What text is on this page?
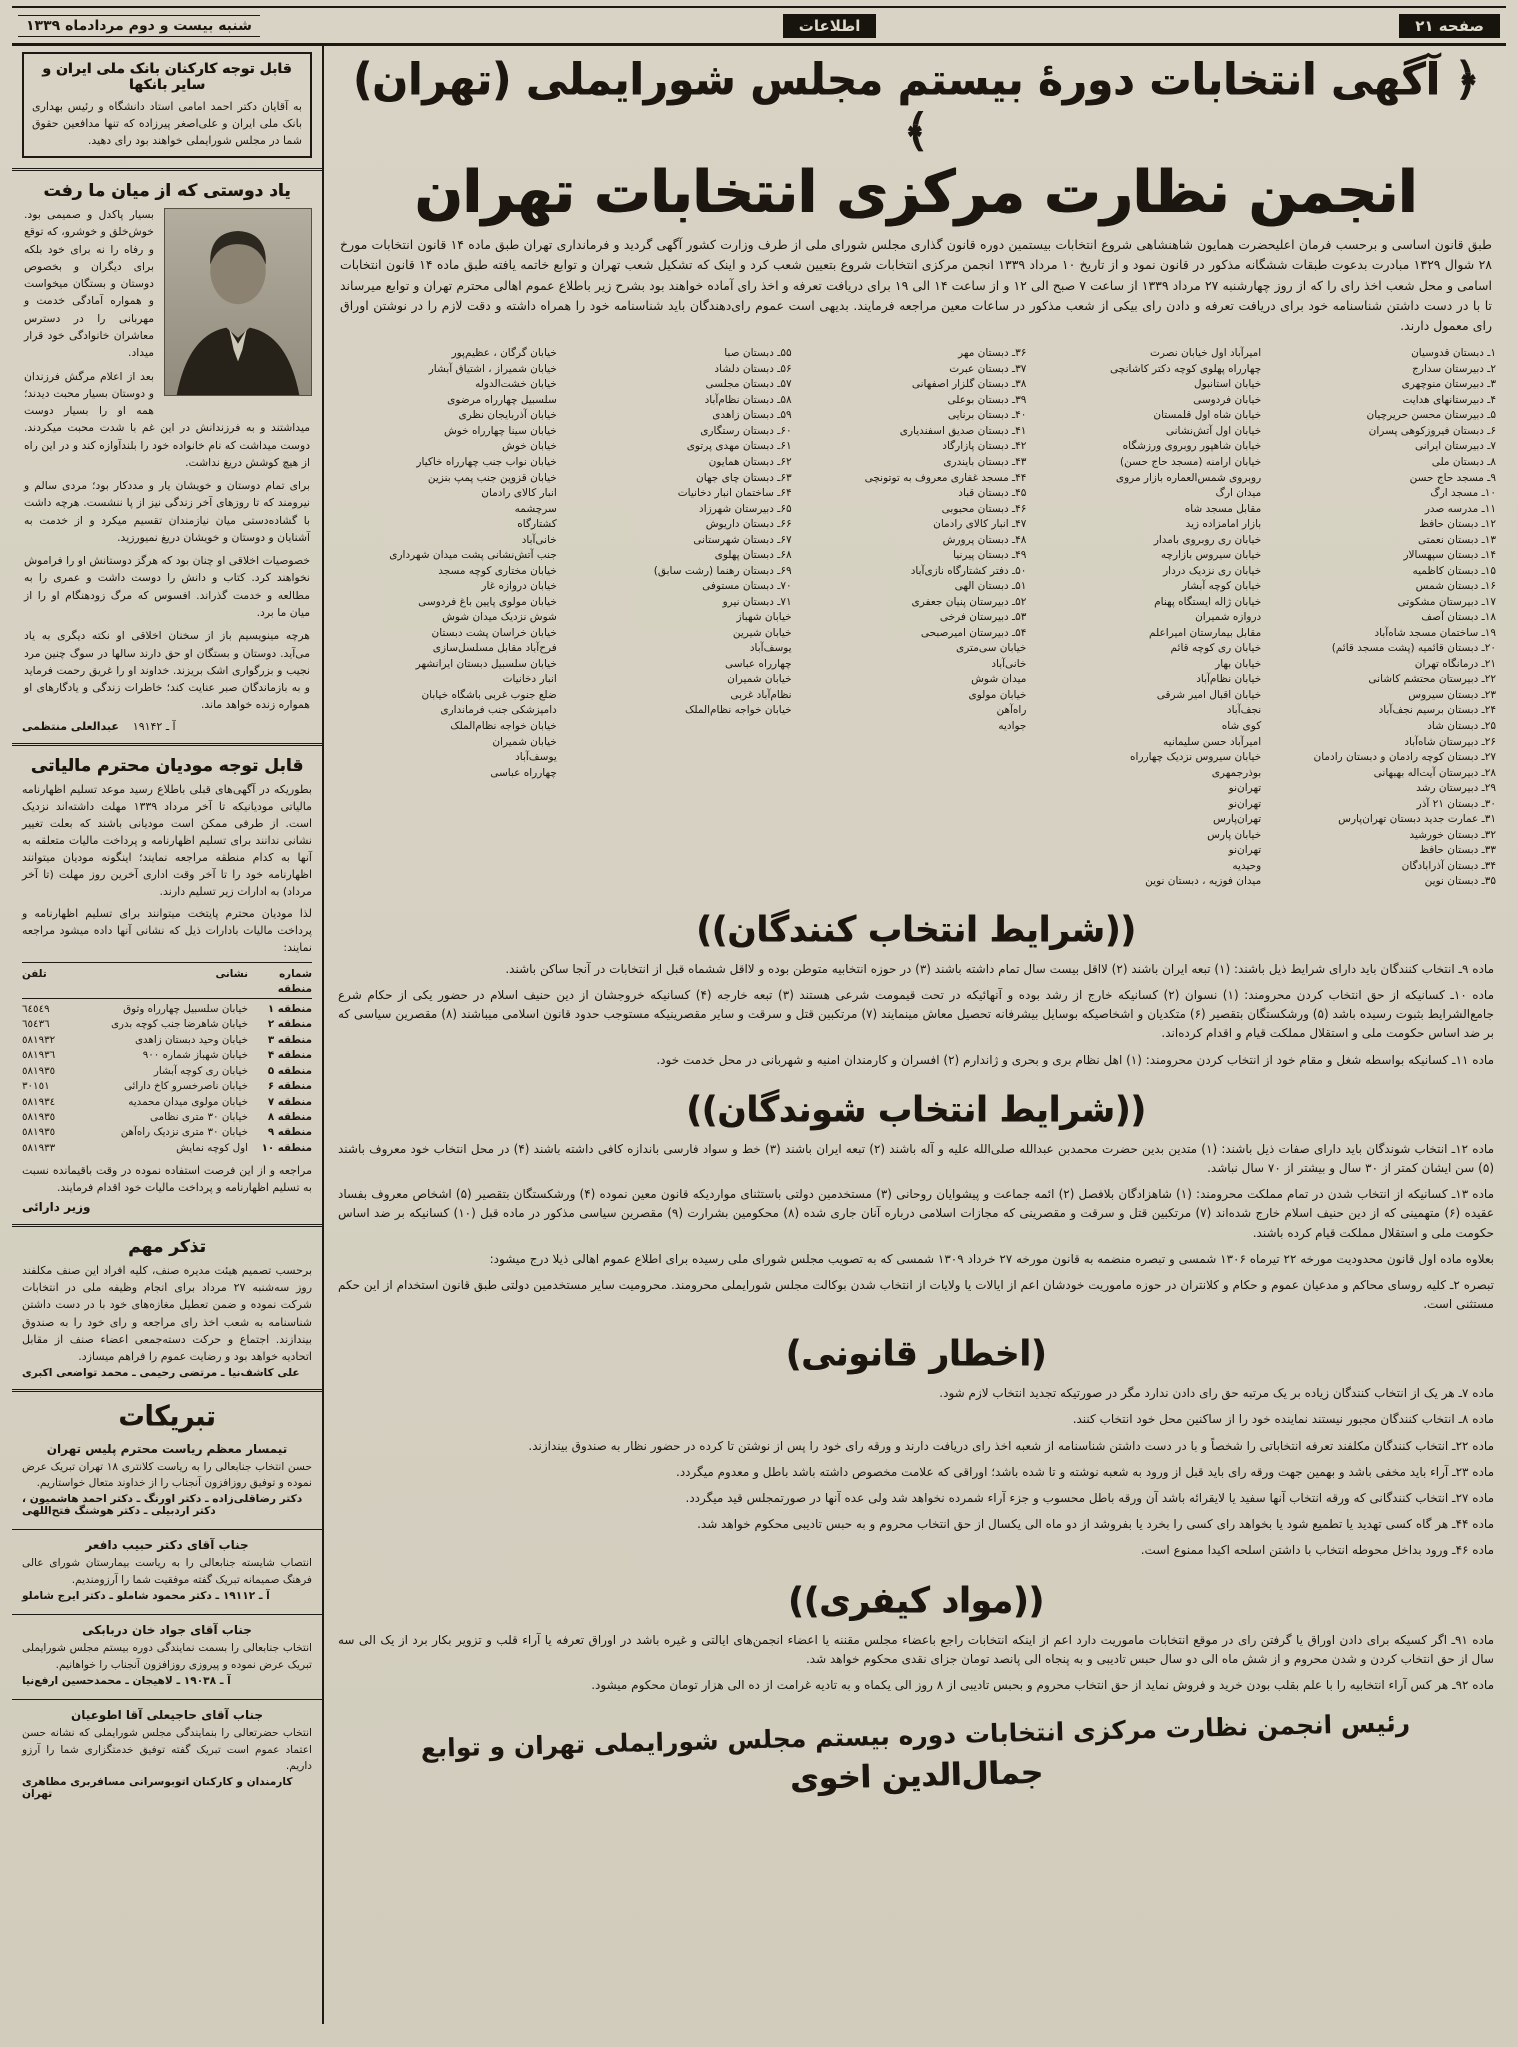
صفحه ۲۱
اطلاعات
شنبه بیست و دوم مردادماه ۱۳۳۹
﴿ آگهی انتخابات دورهٔ بیستم مجلس شورایملی (تهران) ﴾
انجمن نظارت مرکزی انتخابات تهران

طبق قانون اساسی و برحسب فرمان اعلیحضرت همایون شاهنشاهی شروع انتخابات بیستمین دوره قانون گذاری مجلس شورای ملی از طرف وزارت کشور آگهی گردید و فرمانداری تهران طبق ماده ۱۴ قانون انتخابات مورخ ۲۸ شوال ۱۳۲۹ مبادرت بدعوت طبقات ششگانه مذکور در قانون نمود و از تاریخ ۱۰ مرداد ۱۳۳۹ انجمن مرکزی انتخابات شروع بتعیین شعب کرد و اینک که تشکیل شعب تهران و توابع خاتمه یافته طبق ماده ۱۴ قانون انتخابات اسامی و محل شعب اخذ رای را که از روز چهارشنبه ۲۷ مرداد ۱۳۳۹ از ساعت ۷ صبح الی ۱۲ و از ساعت ۱۴ الی ۱۹ برای دریافت تعرفه و اخذ رای آماده خواهند بود بشرح زیر باطلاع عموم اهالی محترم تهران و توابع میرساند تا با در دست داشتن شناسنامه خود برای دریافت تعرفه و دادن رای بیکی از شعب مذکور در ساعات معین مراجعه فرمایند. بدیهی است عموم رای‌دهندگان باید شناسنامه خود را همراه داشته و دقت لازم را در نوشتن اوراق رای معمول دارند.

۱ـ دبستان قدوسیان
۲ـ دبیرستان سدارج
۳ـ دبیرستان منوچهری
۴ـ دبیرستانهای هدایت
۵ـ دبیرستان محسن حریرچیان
۶ـ دبستان فیروزکوهی پسران
۷ـ دبیرستان ایرانی
۸ـ دبستان ملی
۹ـ مسجد حاج حسن
۱۰ـ مسجد ارگ
۱۱ـ مدرسه صدر
۱۲ـ دبستان حافظ
۱۳ـ دبستان نعمتی
۱۴ـ دبستان سپهسالار
۱۵ـ دبستان کاظمیه
۱۶ـ دبستان شمس
۱۷ـ دبیرستان مشکوتی
۱۸ـ دبستان آصف
۱۹ـ ساختمان مسجد شاه‌آباد
۲۰ـ دبستان قائمیه (پشت مسجد قائم)
۲۱ـ درمانگاه تهران
۲۲ـ دبیرستان محتشم کاشانی
۲۳ـ دبستان سیروس
۲۴ـ دبستان برسیم نجف‌آباد
۲۵ـ دبستان شاد
۲۶ـ دبیرستان شاه‌آباد
۲۷ـ دبستان کوچه رادمان و دبستان رادمان
۲۸ـ دبیرستان آیت‌اله بهبهانی
۲۹ـ دبیرستان رشد
۳۰ـ دبستان ۲۱ آذر
۳۱ـ عمارت جدید دبستان تهران‌پارس
۳۲ـ دبستان خورشید
۳۳ـ دبستان حافظ
۳۴ـ دبستان آذرابادگان
۳۵ـ دبستان نوین
امیرآباد اول خیابان نصرت
چهارراه پهلوی کوچه دکتر کاشانچی
خیابان استانبول
خیابان فردوسی
خیابان شاه اول قلمستان
خیابان اول آتش‌نشانی
خیابان شاهپور روبروی ورزشگاه
خیابان ارامنه (مسجد حاج حسن)
روبروی شمس‌العماره بازار مروی
میدان ارگ
مقابل مسجد شاه
بازار امامزاده زید
خیابان ری روبروی بامدار
خیابان سیروس بازارچه
خیابان ری نزدیک دردار
خیابان کوچه آبشار
خیابان ژاله ایستگاه پهنام
دروازه شمیران
مقابل بیمارستان امیراعلم
خیابان ری کوچه قائم
خیابان بهار
خیابان نظام‌آباد
خیابان اقبال امیر شرقی
نجف‌آباد
کوی شاه
امیرآباد حسن سلیمانیه
خیابان سیروس نزدیک چهارراه
بوذرجمهری
تهران‌نو
تهران‌نو
تهران‌پارس
خیابان پارس
تهران‌نو
وحیدیه
میدان فوزیه ، دبستان نوین
۳۶ـ دبستان مهر
۳۷ـ دبستان عبرت
۳۸ـ دبستان گلزار اصفهانی
۳۹ـ دبستان بوعلی
۴۰ـ دبستان برنایی
۴۱ـ دبستان صدیق اسفندیاری
۴۲ـ دبستان پازارگاد
۴۳ـ دبستان بایندری
۴۴ـ مسجد غفاری معروف به توتونچی
۴۵ـ دبستان قباد
۴۶ـ دبستان محبوبی
۴۷ـ انبار کالای رادمان
۴۸ـ دبستان پرورش
۴۹ـ دبستان پیرنیا
۵۰ـ دفتر کشتارگاه نازی‌آباد
۵۱ـ دبستان الهی
۵۲ـ دبیرستان پنیان جعفری
۵۳ـ دبیرستان فرخی
۵۴ـ دبیرستان امیرصبحی
خیابان سی‌متری
خانی‌آباد
میدان شوش
خیابان مولوی
راه‌آهن
جوادیه
۵۵ـ دبستان صبا
۵۶ـ دبستان دلشاد
۵۷ـ دبستان مجلسی
۵۸ـ دبستان نظام‌آباد
۵۹ـ دبستان زاهدی
۶۰ـ دبستان رستگاری
۶۱ـ دبستان مهدی پرتوی
۶۲ـ دبستان همایون
۶۳ـ دبستان چای جهان
۶۴ـ ساختمان انبار دخانیات
۶۵ـ دبیرستان شهرزاد
۶۶ـ دبستان داریوش
۶۷ـ دبستان شهرستانی
۶۸ـ دبستان پهلوی
۶۹ـ دبستان رهنما (رشت سابق)
۷۰ـ دبستان مستوفی
۷۱ـ دبستان نیرو
خیابان شهباز
خیابان شیرین
یوسف‌آباد
چهارراه عباسی
خیابان شمیران
نظام‌آباد غربی
خیابان خواجه نظام‌الملک
خیابان گرگان ، عظیم‌پور
خیابان شمیراز ، اشتیاق آبشار
خیابان خشت‌الدوله
سلسبیل چهارراه مرضوی
خیابان آذربایجان نظری
خیابان سینا چهارراه خوش
خیابان خوش
خیابان نواب جنب چهارراه خاکیار
خیابان قزوین جنب پمپ بنزین
انبار کالای رادمان
سرچشمه
کشتارگاه
خانی‌آباد
جنب آتش‌نشانی پشت میدان شهرداری
خیابان مختاری کوچه مسجد
خیابان دروازه غار
خیابان مولوی پایین باغ فردوسی
شوش نزدیک میدان شوش
خیابان خراسان پشت دبستان
فرح‌آباد مقابل مسلسل‌سازی
خیابان سلسبیل دبستان ایرانشهر
انبار دخانیات
ضلع جنوب غربی باشگاه خیابان
دامپزشکی جنب فرمانداری
خیابان خواجه نظام‌الملک
خیابان شمیران
یوسف‌آباد
چهارراه عباسی
((شرایط انتخاب کنندگان))
ماده ۹ـ انتخاب کنندگان باید دارای شرایط ذیل باشند: (۱) تبعه ایران باشند (۲) لااقل بیست سال تمام داشته باشند (۳) در حوزه انتخابیه متوطن بوده و لااقل ششماه قبل از انتخابات در آنجا ساکن باشند.
ماده ۱۰ـ کسانیکه از حق انتخاب کردن محرومند: (۱) نسوان (۲) کسانیکه خارج از رشد بوده و آنهائیکه در تحت قیمومت شرعی هستند (۳) تبعه خارجه (۴) کسانیکه خروجشان از دین حنیف اسلام در حضور یکی از حکام شرع جامع‌الشرایط بثبوت رسیده باشد (۵) ورشکستگان بتقصیر (۶) متکدیان و اشخاصیکه بوسایل بیشرفانه تحصیل معاش مینمایند (۷) مرتکبین قتل و سرقت و سایر مقصرینیکه مستوجب حدود قانون اسلامی میباشند (۸) مقصرین سیاسی که بر ضد اساس حکومت ملی و استقلال مملکت قیام و اقدام کرده‌اند.
ماده ۱۱ـ کسانیکه بواسطه شغل و مقام خود از انتخاب کردن محرومند: (۱) اهل نظام بری و بحری و ژاندارم (۲) افسران و کارمندان امنیه و شهربانی در محل خدمت خود.
((شرایط انتخاب شوندگان))
ماده ۱۲ـ انتخاب شوندگان باید دارای صفات ذیل باشند: (۱) متدین بدین حضرت محمدبن عبدالله صلی‌الله علیه و آله باشند (۲) تبعه ایران باشند (۳) خط و سواد فارسی باندازه کافی داشته باشند (۴) در محل انتخاب خود معروف باشند (۵) سن ایشان کمتر از ۳۰ سال و بیشتر از ۷۰ سال نباشد.
ماده ۱۳ـ کسانیکه از انتخاب شدن در تمام مملکت محرومند: (۱) شاهزادگان بلافصل (۲) ائمه جماعت و پیشوایان روحانی (۳) مستخدمین دولتی باستثنای مواردیکه قانون معین نموده (۴) ورشکستگان بتقصیر (۵) اشخاص معروف بفساد عقیده (۶) متهمینی که از دین حنیف اسلام خارج شده‌اند (۷) مرتکبین قتل و سرقت و مقصرینی که مجازات اسلامی درباره آنان جاری شده (۸) محکومین بشرارت (۹) مقصرین سیاسی مذکور در ماده قبل (۱۰) کسانیکه بر ضد اساس حکومت ملی و استقلال مملکت قیام کرده باشند.
بعلاوه ماده اول قانون محدودیت مورخه ۲۲ تیرماه ۱۳۰۶ شمسی و تبصره منضمه به قانون مورخه ۲۷ خرداد ۱۳۰۹ شمسی که به تصویب مجلس شورای ملی رسیده برای اطلاع عموم اهالی ذیلا درج میشود:
تبصره ۲ـ کلیه روسای محاکم و مدعیان عموم و حکام و کلانتران در حوزه ماموریت خودشان اعم از ایالات یا ولایات از انتخاب شدن بوکالت مجلس شورایملی محرومند. محرومیت سایر مستخدمین دولتی طبق قانون استخدام از این حکم مستثنی است.
(اخطار قانونی)
ماده ۷ـ هر یک از انتخاب کنندگان زیاده بر یک مرتبه حق رای دادن ندارد مگر در صورتیکه تجدید انتخاب لازم شود.
ماده ۸ـ انتخاب کنندگان مجبور نیستند نماینده خود را از ساکنین محل خود انتخاب کنند.
ماده ۲۲ـ انتخاب کنندگان مکلفند تعرفه انتخاباتی را شخصاً و با در دست داشتن شناسنامه از شعبه اخذ رای دریافت دارند و ورقه رای خود را پس از نوشتن تا کرده در حضور نظار به صندوق بیندازند.
ماده ۲۳ـ آراء باید مخفی باشد و بهمین جهت ورقه رای باید قبل از ورود به شعبه نوشته و تا شده باشد؛ اوراقی که علامت مخصوص داشته باشد باطل و معدوم میگردد.
ماده ۲۷ـ انتخاب کنندگانی که ورقه انتخاب آنها سفید یا لایقرائه باشد آن ورقه باطل محسوب و جزء آراء شمرده نخواهد شد ولی عده آنها در صورتمجلس قید میگردد.
ماده ۴۴ـ هر گاه کسی تهدید یا تطمیع شود یا بخواهد رای کسی را بخرد یا بفروشد از دو ماه الی یکسال از حق انتخاب محروم و به حبس تادیبی محکوم خواهد شد.
ماده ۴۶ـ ورود بداخل محوطه انتخاب با داشتن اسلحه اکیدا ممنوع است.
((مواد کیفری))
ماده ۹۱ـ اگر کسیکه برای دادن اوراق یا گرفتن رای در موقع انتخابات ماموریت دارد اعم از اینکه انتخابات راجع باعضاء مجلس مقننه یا اعضاء انجمن‌های ایالتی و غیره باشد در اوراق تعرفه یا آراء قلب و تزویر بکار برد از یک الی سه سال از حق انتخاب کردن و شدن محروم و از شش ماه الی دو سال حبس تادیبی و به پنجاه الی پانصد تومان جزای نقدی محکوم خواهد شد.
ماده ۹۲ـ هر کس آراء انتخابیه را با علم بقلب بودن خرید و فروش نماید از حق انتخاب محروم و بحبس تادیبی از ۸ روز الی یکماه و به تادیه غرامت از ده الی هزار تومان محکوم میشود.
رئیس انجمن نظارت مرکزی انتخابات دوره بیستم مجلس شورایملی تهران و توابع
جمال‌الدین اخوی
قابل توجه کارکنان بانک ملی ایران و سایر بانکها
به آقایان دکتر احمد امامی استاد دانشگاه و رئیس بهداری بانک ملی ایران و علی‌اصغر پیرزاده که تنها مدافعین حقوق شما در مجلس شورایملی خواهند بود رای دهید.
یاد دوستی که از میان ما رفت
بسیار پاکدل و صمیمی بود. خوش‌خلق و خوشرو، که توقع و رفاه را نه برای خود بلکه برای دیگران و بخصوص دوستان و بستگان میخواست و همواره آمادگی خدمت و مهربانی را در دسترس معاشران خانوادگی خود قرار میداد.
بعد از اعلام مرگش فرزندان و دوستان بسیار محبت دیدند؛ همه او را بسیار دوست میداشتند و به فرزندانش در این غم با شدت محبت میکردند. دوست میداشت که نام خانواده خود را بلندآوازه کند و در این راه از هیچ کوشش دریغ نداشت.
برای تمام دوستان و خویشان یار و مددکار بود؛ مردی سالم و نیرومند که تا روزهای آخر زندگی نیز از پا ننشست. هرچه داشت با گشاده‌دستی میان نیازمندان تقسیم میکرد و از خدمت به آشنایان و دوستان و خویشان دریغ نمیورزید.
خصوصیات اخلاقی او چنان بود که هرگز دوستانش او را فراموش نخواهند کرد. کتاب و دانش را دوست داشت و عمری را به مطالعه و خدمت گذراند. افسوس که مرگ زودهنگام او را از میان ما برد.
هرچه مینویسیم باز از سخنان اخلاقی او نکته دیگری به یاد می‌آید. دوستان و بستگان او حق دارند سالها در سوگ چنین مرد نجیب و بزرگواری اشک بریزند. خداوند او را غریق رحمت فرماید و به بازماندگان صبر عنایت کند؛ خاطرات زندگی و یادگارهای او همواره زنده خواهد ماند.
آ ـ ۱۹۱۴۲ عبدالعلی منتظمی
قابل توجه مودیان محترم مالیاتی
بطوریکه در آگهی‌های قبلی باطلاع رسید موعد تسلیم اظهارنامه مالیاتی مودیانیکه تا آخر مرداد ۱۳۳۹ مهلت داشته‌اند نزدیک است. از طرفی ممکن است مودیانی باشند که بعلت تغییر نشانی ندانند برای تسلیم اظهارنامه و پرداخت مالیات متعلقه به آنها به کدام منطقه مراجعه نمایند؛ اینگونه مودیان میتوانند اظهارنامه خود را تا آخر وقت اداری آخرین روز مهلت (تا آخر مرداد) به ادارات زیر تسلیم دارند.
لذا مودیان محترم پایتخت میتوانند برای تسلیم اظهارنامه و پرداخت مالیات بادارات ذیل که نشانی آنها داده میشود مراجعه نمایند:
شماره منطقه
نشانی
تلفن
منطقه ۱
خیابان سلسبیل چهارراه وثوق
٦٤٥٤٩
منطقه ۲
خیابان شاهرضا جنب کوچه بدری
٦٥٤٣٦
منطقه ۳
خیابان وحید دبستان زاهدی
٥٨١٩٣٢
منطقه ۴
خیابان شهباز شماره ۹۰۰
٥٨١٩٣٦
منطقه ۵
خیابان ری کوچه آبشار
٥٨١٩٣٥
منطقه ۶
خیابان ناصرخسرو کاخ دارائی
٣٠١٥١
منطقه ۷
خیابان مولوی میدان محمدیه
٥٨١٩٣٤
منطقه ۸
خیابان ۳۰ متری نظامی
٥٨١٩٣٥
منطقه ۹
خیابان ۳۰ متری نزدیک راه‌آهن
٥٨١٩٣٥
منطقه ۱۰
اول کوچه نمایش
٥٨١٩٣٣
مراجعه و از این فرصت استفاده نموده در وقت باقیمانده نسبت به تسلیم اظهارنامه و پرداخت مالیات خود اقدام فرمایند.
وزیر دارائی
تذکر مهم
برحسب تصمیم هیئت مدیره صنف، کلیه افراد این صنف مکلفند روز سه‌شنبه ۲۷ مرداد برای انجام وظیفه ملی در انتخابات شرکت نموده و ضمن تعطیل مغازه‌های خود با در دست داشتن شناسنامه به شعب اخذ رای مراجعه و رای خود را به صندوق بیندازند. اجتماع و حرکت دسته‌جمعی اعضاء صنف از مقابل اتحادیه خواهد بود و رضایت عموم را فراهم میسازد.
علی کاشف‌نیا ـ مرتضی رحیمی ـ محمد تواضعی اکبری
تبریکات
تیمسار معظم ریاست محترم پلیس تهران
حسن انتخاب جنابعالی را به ریاست کلانتری ۱۸ تهران تبریک عرض نموده و توفیق روزافزون آنجناب را از خداوند متعال خواستاریم.
دکتر رضاقلی‌زاده ـ دکتر اورنگ ـ دکتر احمد هاشمیون ، دکتر اردبیلی ـ دکتر هوشنگ فتح‌اللهی
جناب آقای دکتر حبیب دافعر
انتصاب شایسته جنابعالی را به ریاست بیمارستان شورای عالی فرهنگ صمیمانه تبریک گفته موفقیت شما را آرزومندیم.
آ ـ ۱۹۱۱۲ ـ دکتر محمود شاملو ـ دکتر ایرج شاملو
جناب آقای جواد خان دربابکی
انتخاب جنابعالی را بسمت نمایندگی دوره بیستم مجلس شورایملی تبریک عرض نموده و پیروزی روزافزون آنجناب را خواهانیم.
آ ـ ۱۹۰۳۸ ـ لاهیجان ـ محمدحسین ارفع‌نیا
جناب آقای حاجیعلی آقا اطوعیان
انتخاب حضرتعالی را بنمایندگی مجلس شورایملی که نشانه حسن اعتماد عموم است تبریک گفته توفیق خدمتگزاری شما را آرزو داریم.
کارمندان و کارکنان اتوبوسرانی مسافربری مظاهری تهران
